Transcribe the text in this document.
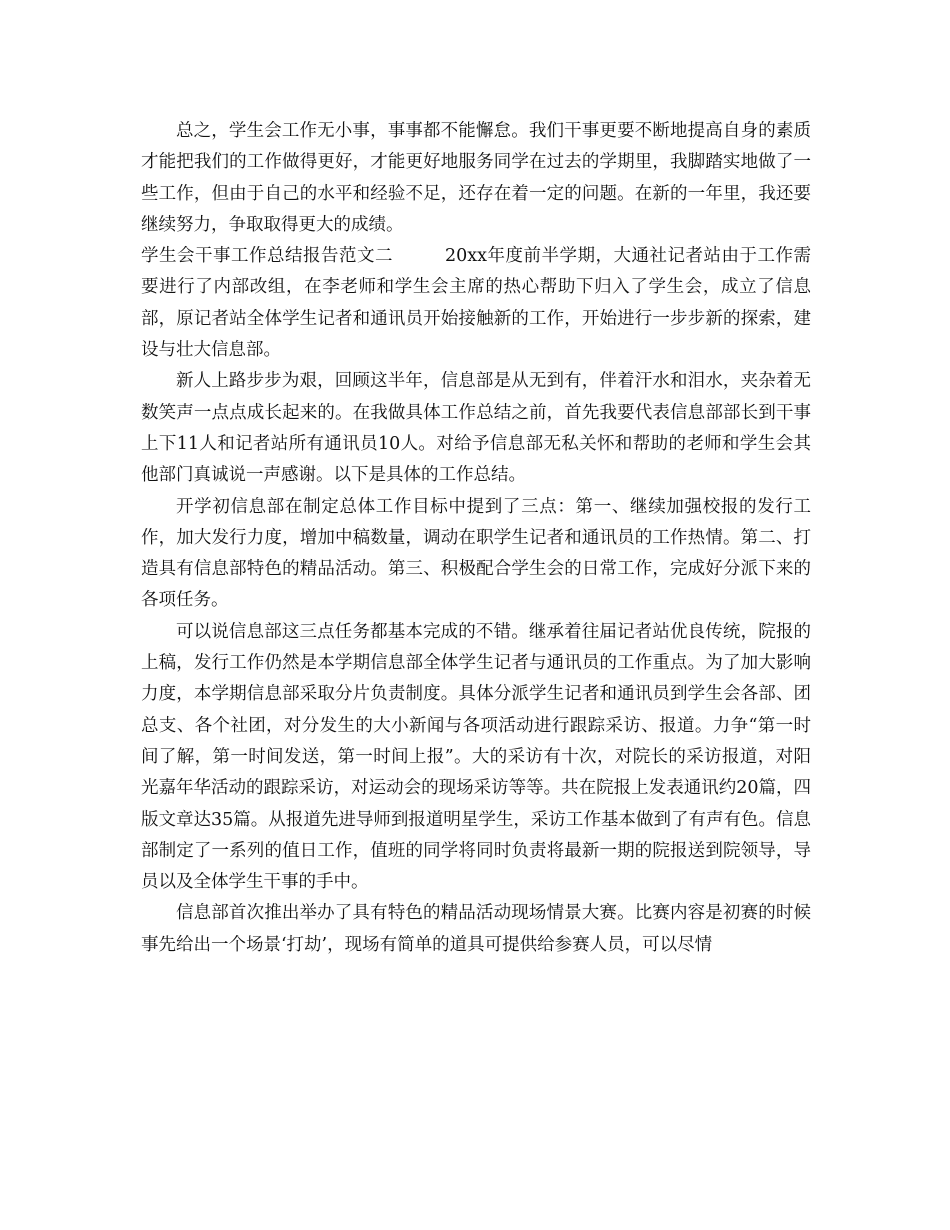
总之，学生会工作无小事，事事都不能懈怠。我们干事更要不断地提高自身的素质才能把我们的工作做得更好，才能更好地服务同学在过去的学期里，我脚踏实地做了一些工作，但由于自己的水平和经验不足，还存在着一定的问题。在新的一年里，我还要继续努力，争取取得更大的成绩。

学生会干事工作总结报告范文二	20xx年度前半学期，大通社记者站由于工作需要进行了内部改组，在李老师和学生会主席的热心帮助下归入了学生会，成立了信息部，原记者站全体学生记者和通讯员开始接触新的工作，开始进行一步步新的探索，建设与壮大信息部。

新人上路步步为艰，回顾这半年，信息部是从无到有，伴着汗水和泪水，夹杂着无数笑声一点点成长起来的。在我做具体工作总结之前，首先我要代表信息部部长到干事上下11人和记者站所有通讯员10人。对给予信息部无私关怀和帮助的老师和学生会其他部门真诚说一声感谢。以下是具体的工作总结。

开学初信息部在制定总体工作目标中提到了三点：第一、继续加强校报的发行工作，加大发行力度，增加中稿数量，调动在职学生记者和通讯员的工作热情。第二、打造具有信息部特色的精品活动。第三、积极配合学生会的日常工作，完成好分派下来的各项任务。

可以说信息部这三点任务都基本完成的不错。继承着往届记者站优良传统，院报的上稿，发行工作仍然是本学期信息部全体学生记者与通讯员的工作重点。为了加大影响力度，本学期信息部采取分片负责制度。具体分派学生记者和通讯员到学生会各部、团总支、各个社团，对分发生的大小新闻与各项活动进行跟踪采访、报道。力争“第一时间了解，第一时间发送，第一时间上报”。大的采访有十次，对院长的采访报道，对阳光嘉年华活动的跟踪采访，对运动会的现场采访等等。共在院报上发表通讯约20篇，四版文章达35篇。从报道先进导师到报道明星学生，采访工作基本做到了有声有色。信息部制定了一系列的值日工作，值班的同学将同时负责将最新一期的院报送到院领导，导员以及全体学生干事的手中。

信息部首次推出举办了具有特色的精品活动现场情景大赛。比赛内容是初赛的时候事先给出一个场景‘打劫’，现场有简单的道具可提供给参赛人员，可以尽情
